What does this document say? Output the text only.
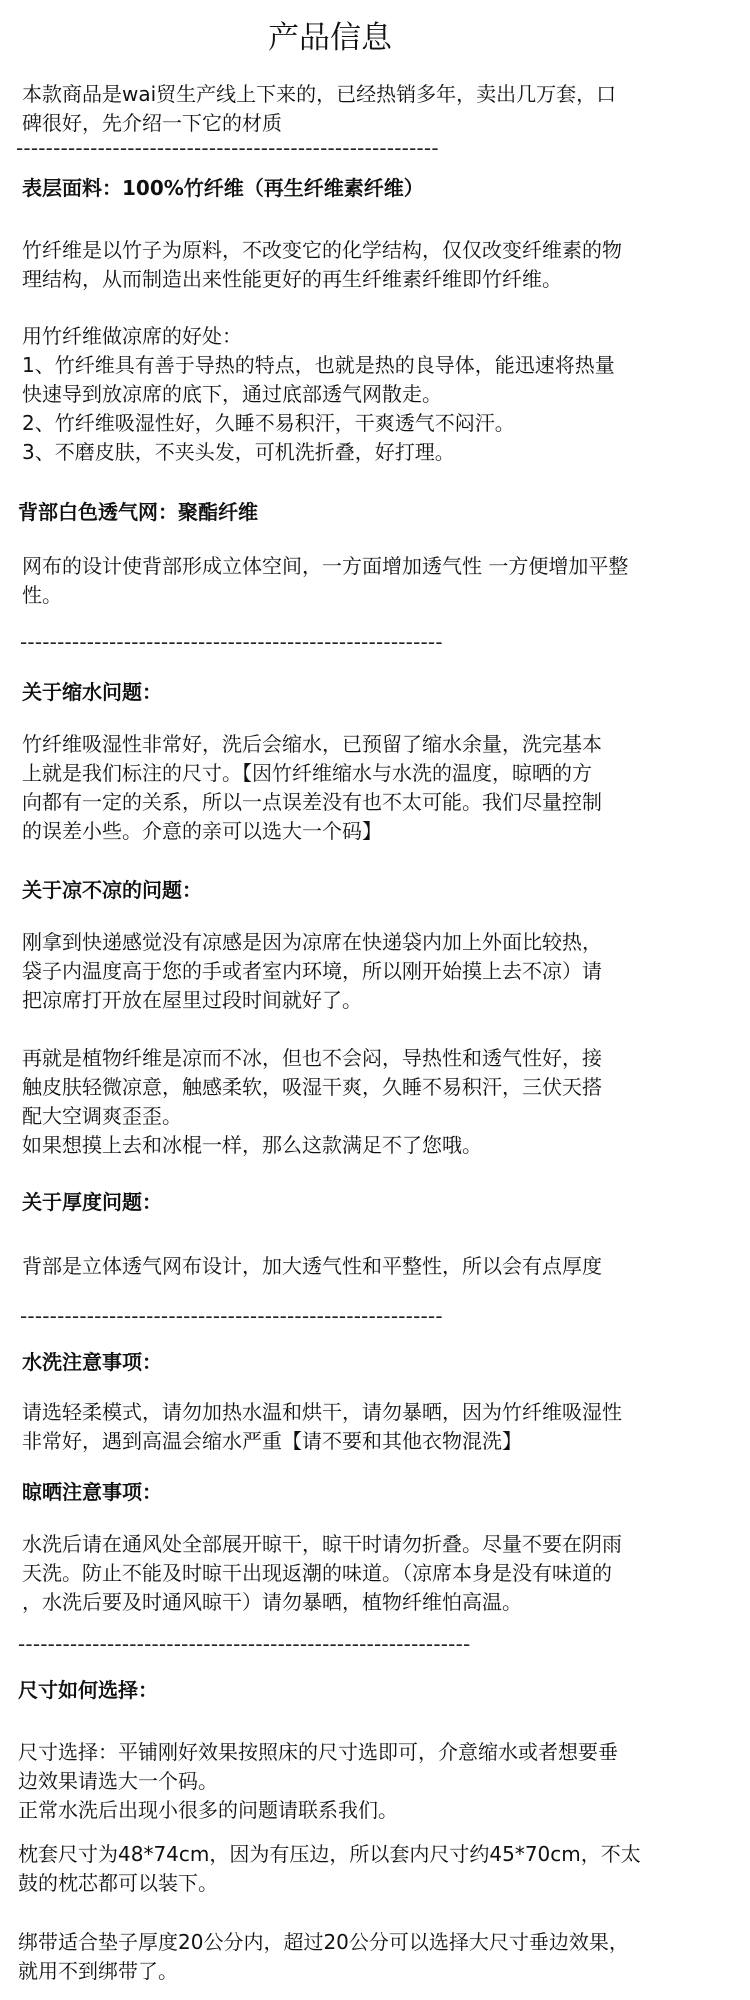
产品信息
本款商品是wai贸生产线上下来的，已经热销多年，卖出几万套，口
碑很好，先介绍一下它的材质
---------------------------------------------------------
表层面料：100%竹纤维（再生纤维素纤维）
竹纤维是以竹子为原料，不改变它的化学结构，仅仅改变纤维素的物
理结构，从而制造出来性能更好的再生纤维素纤维即竹纤维。
用竹纤维做凉席的好处：
1、竹纤维具有善于导热的特点，也就是热的良导体，能迅速将热量
快速导到放凉席的底下，通过底部透气网散走。
2、竹纤维吸湿性好，久睡不易积汗，干爽透气不闷汗。
3、不磨皮肤，不夹头发，可机洗折叠，好打理。
背部白色透气网：聚酯纤维
网布的设计使背部形成立体空间，一方面增加透气性 一方便增加平整
性。
---------------------------------------------------------
关于缩水问题：
竹纤维吸湿性非常好，洗后会缩水，已预留了缩水余量，洗完基本
上就是我们标注的尺寸。【因竹纤维缩水与水洗的温度，晾晒的方
向都有一定的关系，所以一点误差没有也不太可能。我们尽量控制
的误差小些。介意的亲可以选大一个码】
关于凉不凉的问题：
刚拿到快递感觉没有凉感是因为凉席在快递袋内加上外面比较热，
袋子内温度高于您的手或者室内环境，所以刚开始摸上去不凉）请
把凉席打开放在屋里过段时间就好了。
再就是植物纤维是凉而不冰，但也不会闷，导热性和透气性好，接
触皮肤轻微凉意，触感柔软，吸湿干爽，久睡不易积汗，三伏天搭
配大空调爽歪歪。
如果想摸上去和冰棍一样，那么这款满足不了您哦。
关于厚度问题：
背部是立体透气网布设计，加大透气性和平整性，所以会有点厚度
---------------------------------------------------------
水洗注意事项：
请选轻柔模式，请勿加热水温和烘干，请勿暴晒，因为竹纤维吸湿性
非常好，遇到高温会缩水严重【请不要和其他衣物混洗】
晾晒注意事项：
水洗后请在通风处全部展开晾干，晾干时请勿折叠。尽量不要在阴雨
天洗。防止不能及时晾干出现返潮的味道。（凉席本身是没有味道的
，水洗后要及时通风晾干）请勿暴晒，植物纤维怕高温。
-------------------------------------------------------------
尺寸如何选择：
尺寸选择：平铺刚好效果按照床的尺寸选即可，介意缩水或者想要垂
边效果请选大一个码。
正常水洗后出现小很多的问题请联系我们。
枕套尺寸为48*74cm，因为有压边，所以套内尺寸约45*70cm，不太
鼓的枕芯都可以装下。
绑带适合垫子厚度20公分内，超过20公分可以选择大尺寸垂边效果，
就用不到绑带了。
